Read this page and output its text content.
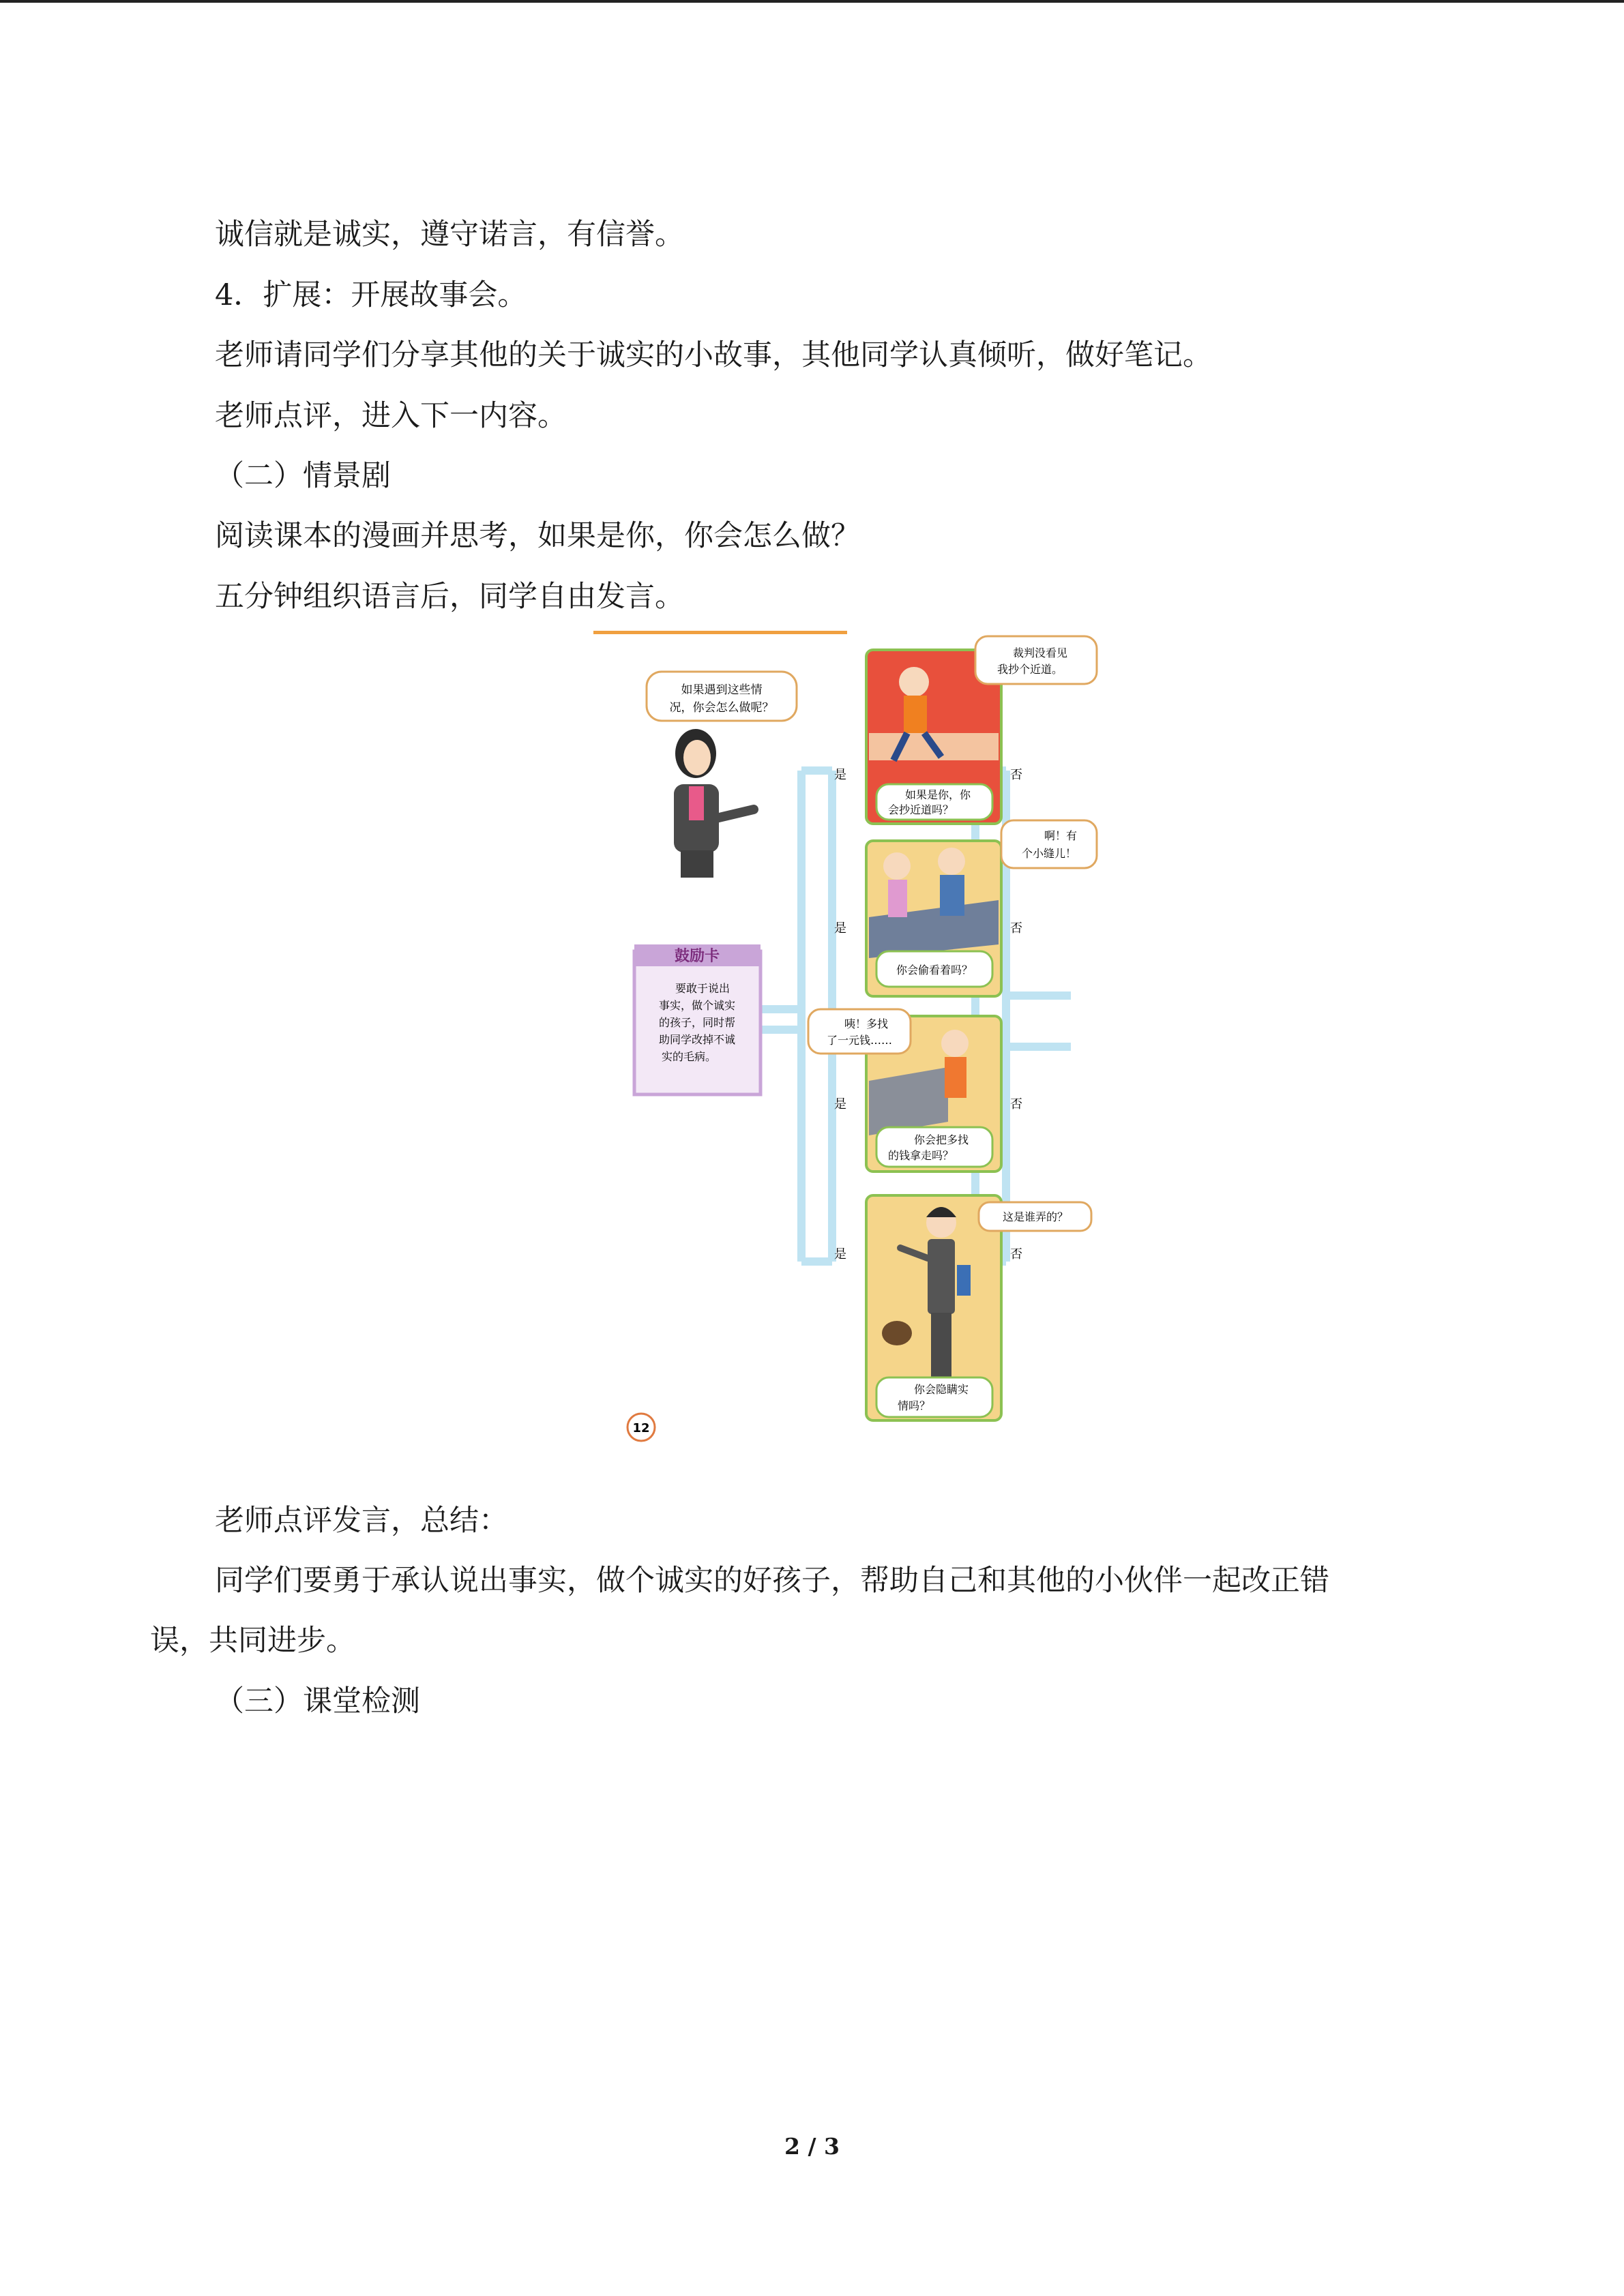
诚信就是诚实，遵守诺言，有信誉。
4．扩展：开展故事会。
老师请同学们分享其他的关于诚实的小故事，其他同学认真倾听，做好笔记。
老师点评，进入下一内容。
（二）情景剧
阅读课本的漫画并思考，如果是你，你会怎么做？
五分钟组织语言后，同学自由发言。
如果遇到这些情
况，你会怎么做呢？
鼓励卡
要敢于说出
事实，做个诚实
的孩子，同时帮
助同学改掉不诚
实的毛病。
如果是你，你
会抄近道吗？
裁判没看见
我抄个近道。
是	否
你会偷看着吗？
啊！有
个小缝儿！
是	否
你会把多找
的钱拿走吗？
咦！多找
了一元钱……
是	否
你会隐瞒实
情吗？
这是谁弄的？
是	否
12
老师点评发言，总结：
同学们要勇于承认说出事实，做个诚实的好孩子，帮助自己和其他的小伙伴一起改正错
误，共同进步。
（三）课堂检测
2 / 3
